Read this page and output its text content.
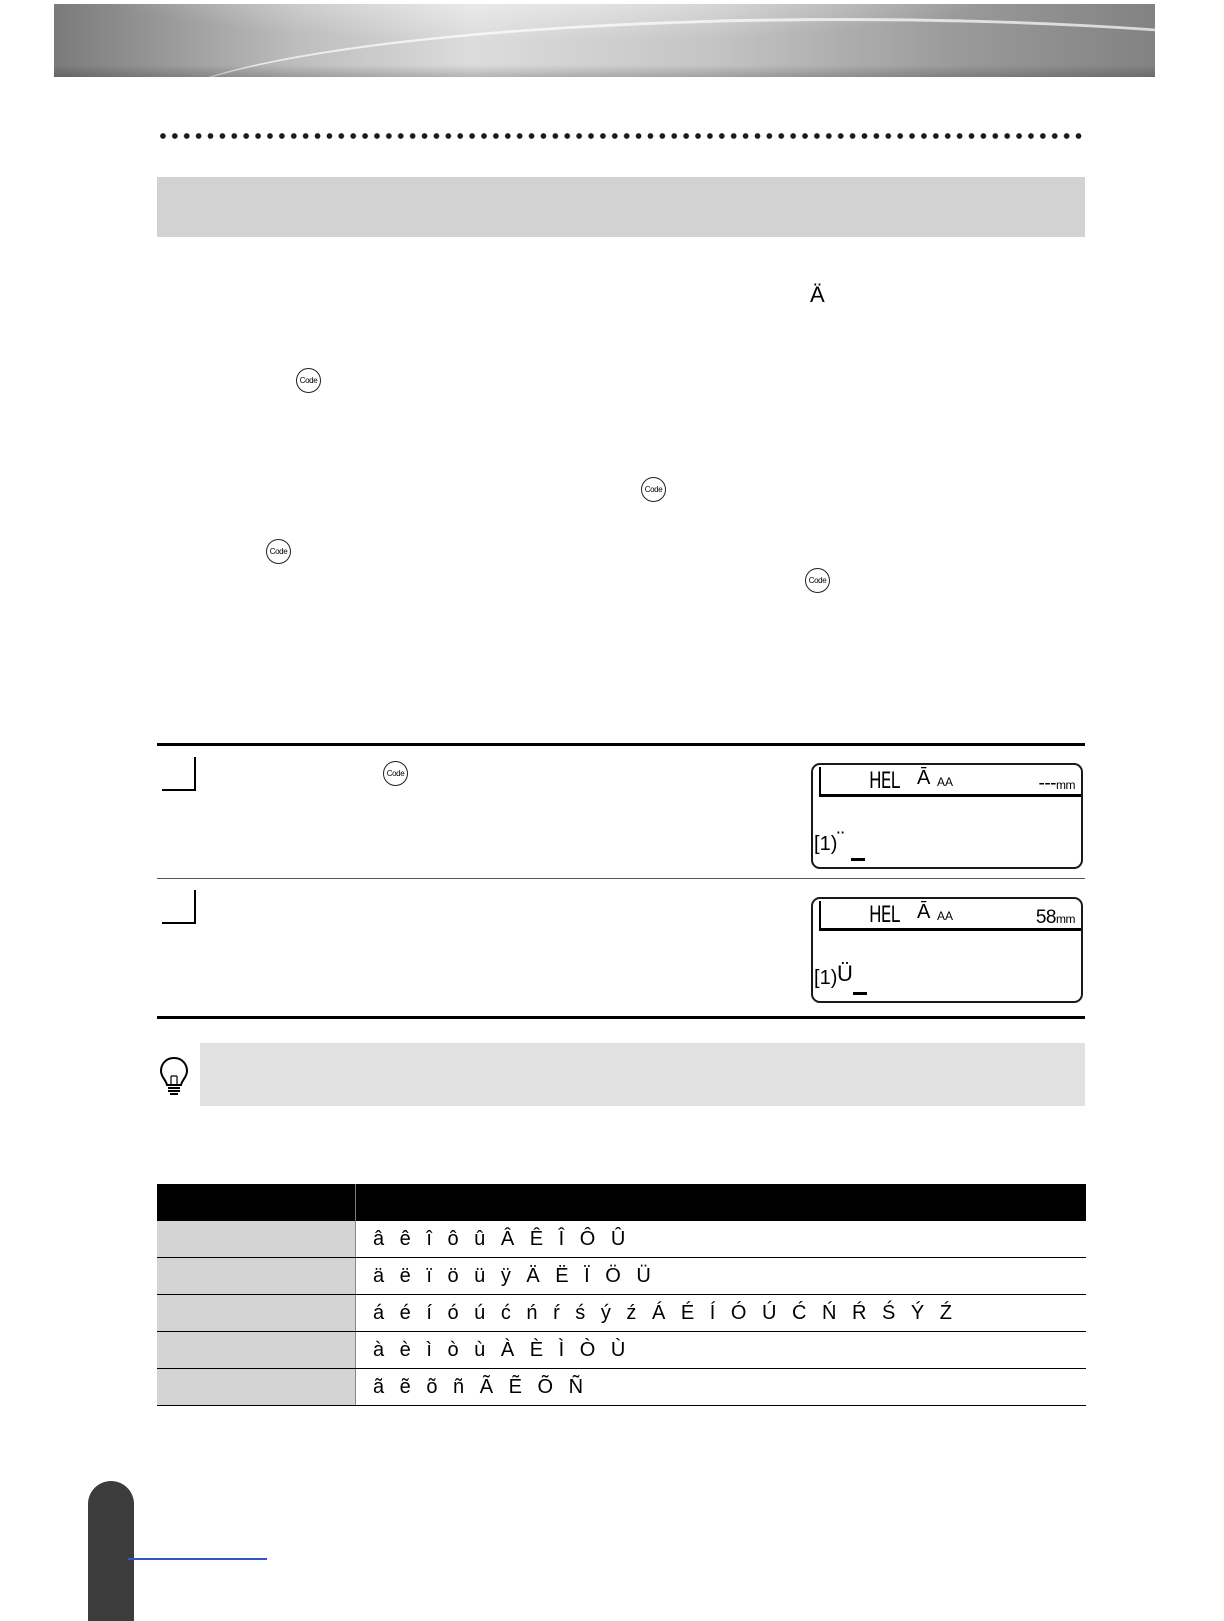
Ä
Code
Code
Code
Code
Code	HEL Ā A A	---mm
[1) ¨
HEL Ā A A	58mm
[1) Ü

	â ê î ô û Â Ê Î Ô Û
	ä ë ï ö ü ÿ Ä Ë Ï Ö Ü
	á é í ó ú ć ń ŕ ś ý ź Á É Í Ó Ú Ć Ń Ŕ Ś Ý Ź
	à è ì ò ù À È Ì Ò Ù
	ã ẽ õ ñ Ã Ẽ Õ Ñ
